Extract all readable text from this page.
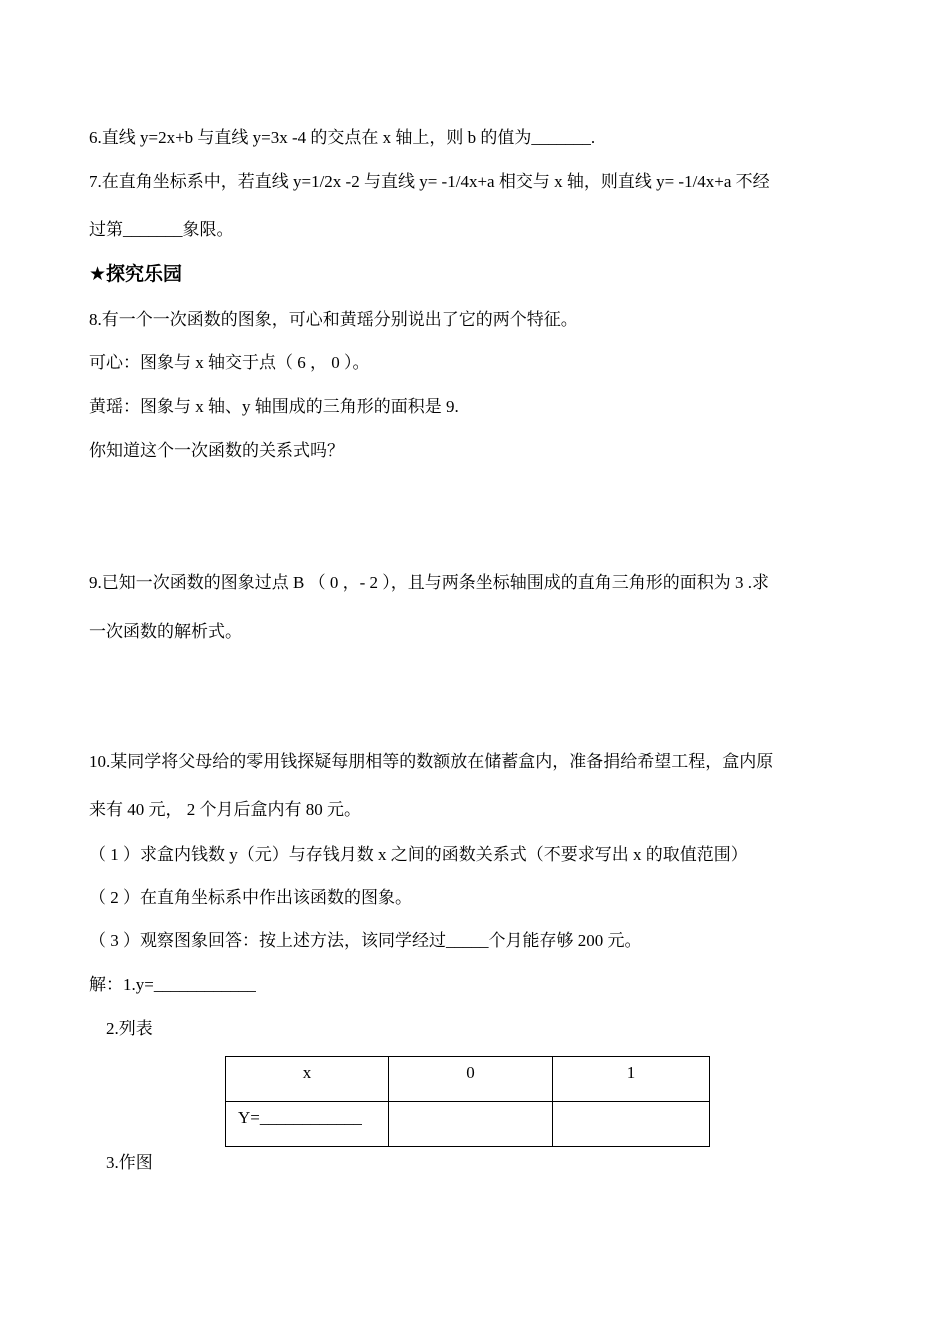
6.直线 y=2x+b 与直线 y=3x -4 的交点在 x 轴上，则 b 的值为_______.
7.在直角坐标系中，若直线 y=1/2x -2 与直线 y= -1/4x+a 相交与 x 轴，则直线 y= -1/4x+a 不经
过第_______象限。
★探究乐园
8.有一个一次函数的图象，可心和黄瑶分别说出了它的两个特征。
可心：图象与 x 轴交于点（ 6 ， 0 ）。
黄瑶：图象与 x 轴、y 轴围成的三角形的面积是 9.
你知道这个一次函数的关系式吗？
9.已知一次函数的图象过点 B （ 0 ，- 2 ），且与两条坐标轴围成的直角三角形的面积为 3 .求
一次函数的解析式。
10.某同学将父母给的零用钱探疑每朋相等的数额放在储蓄盒内，准备捐给希望工程，盒内原
来有 40 元， 2 个月后盒内有 80 元。
（ 1 ）求盒内钱数 y（元）与存钱月数 x 之间的函数关系式（不要求写出 x 的取值范围）
（ 2 ）在直角坐标系中作出该函数的图象。
（ 3 ）观察图象回答：按上述方法，该同学经过_____个月能存够 200 元。
解：1.y=____________
2.列表
x	0	1
Y=____________		
3.作图
